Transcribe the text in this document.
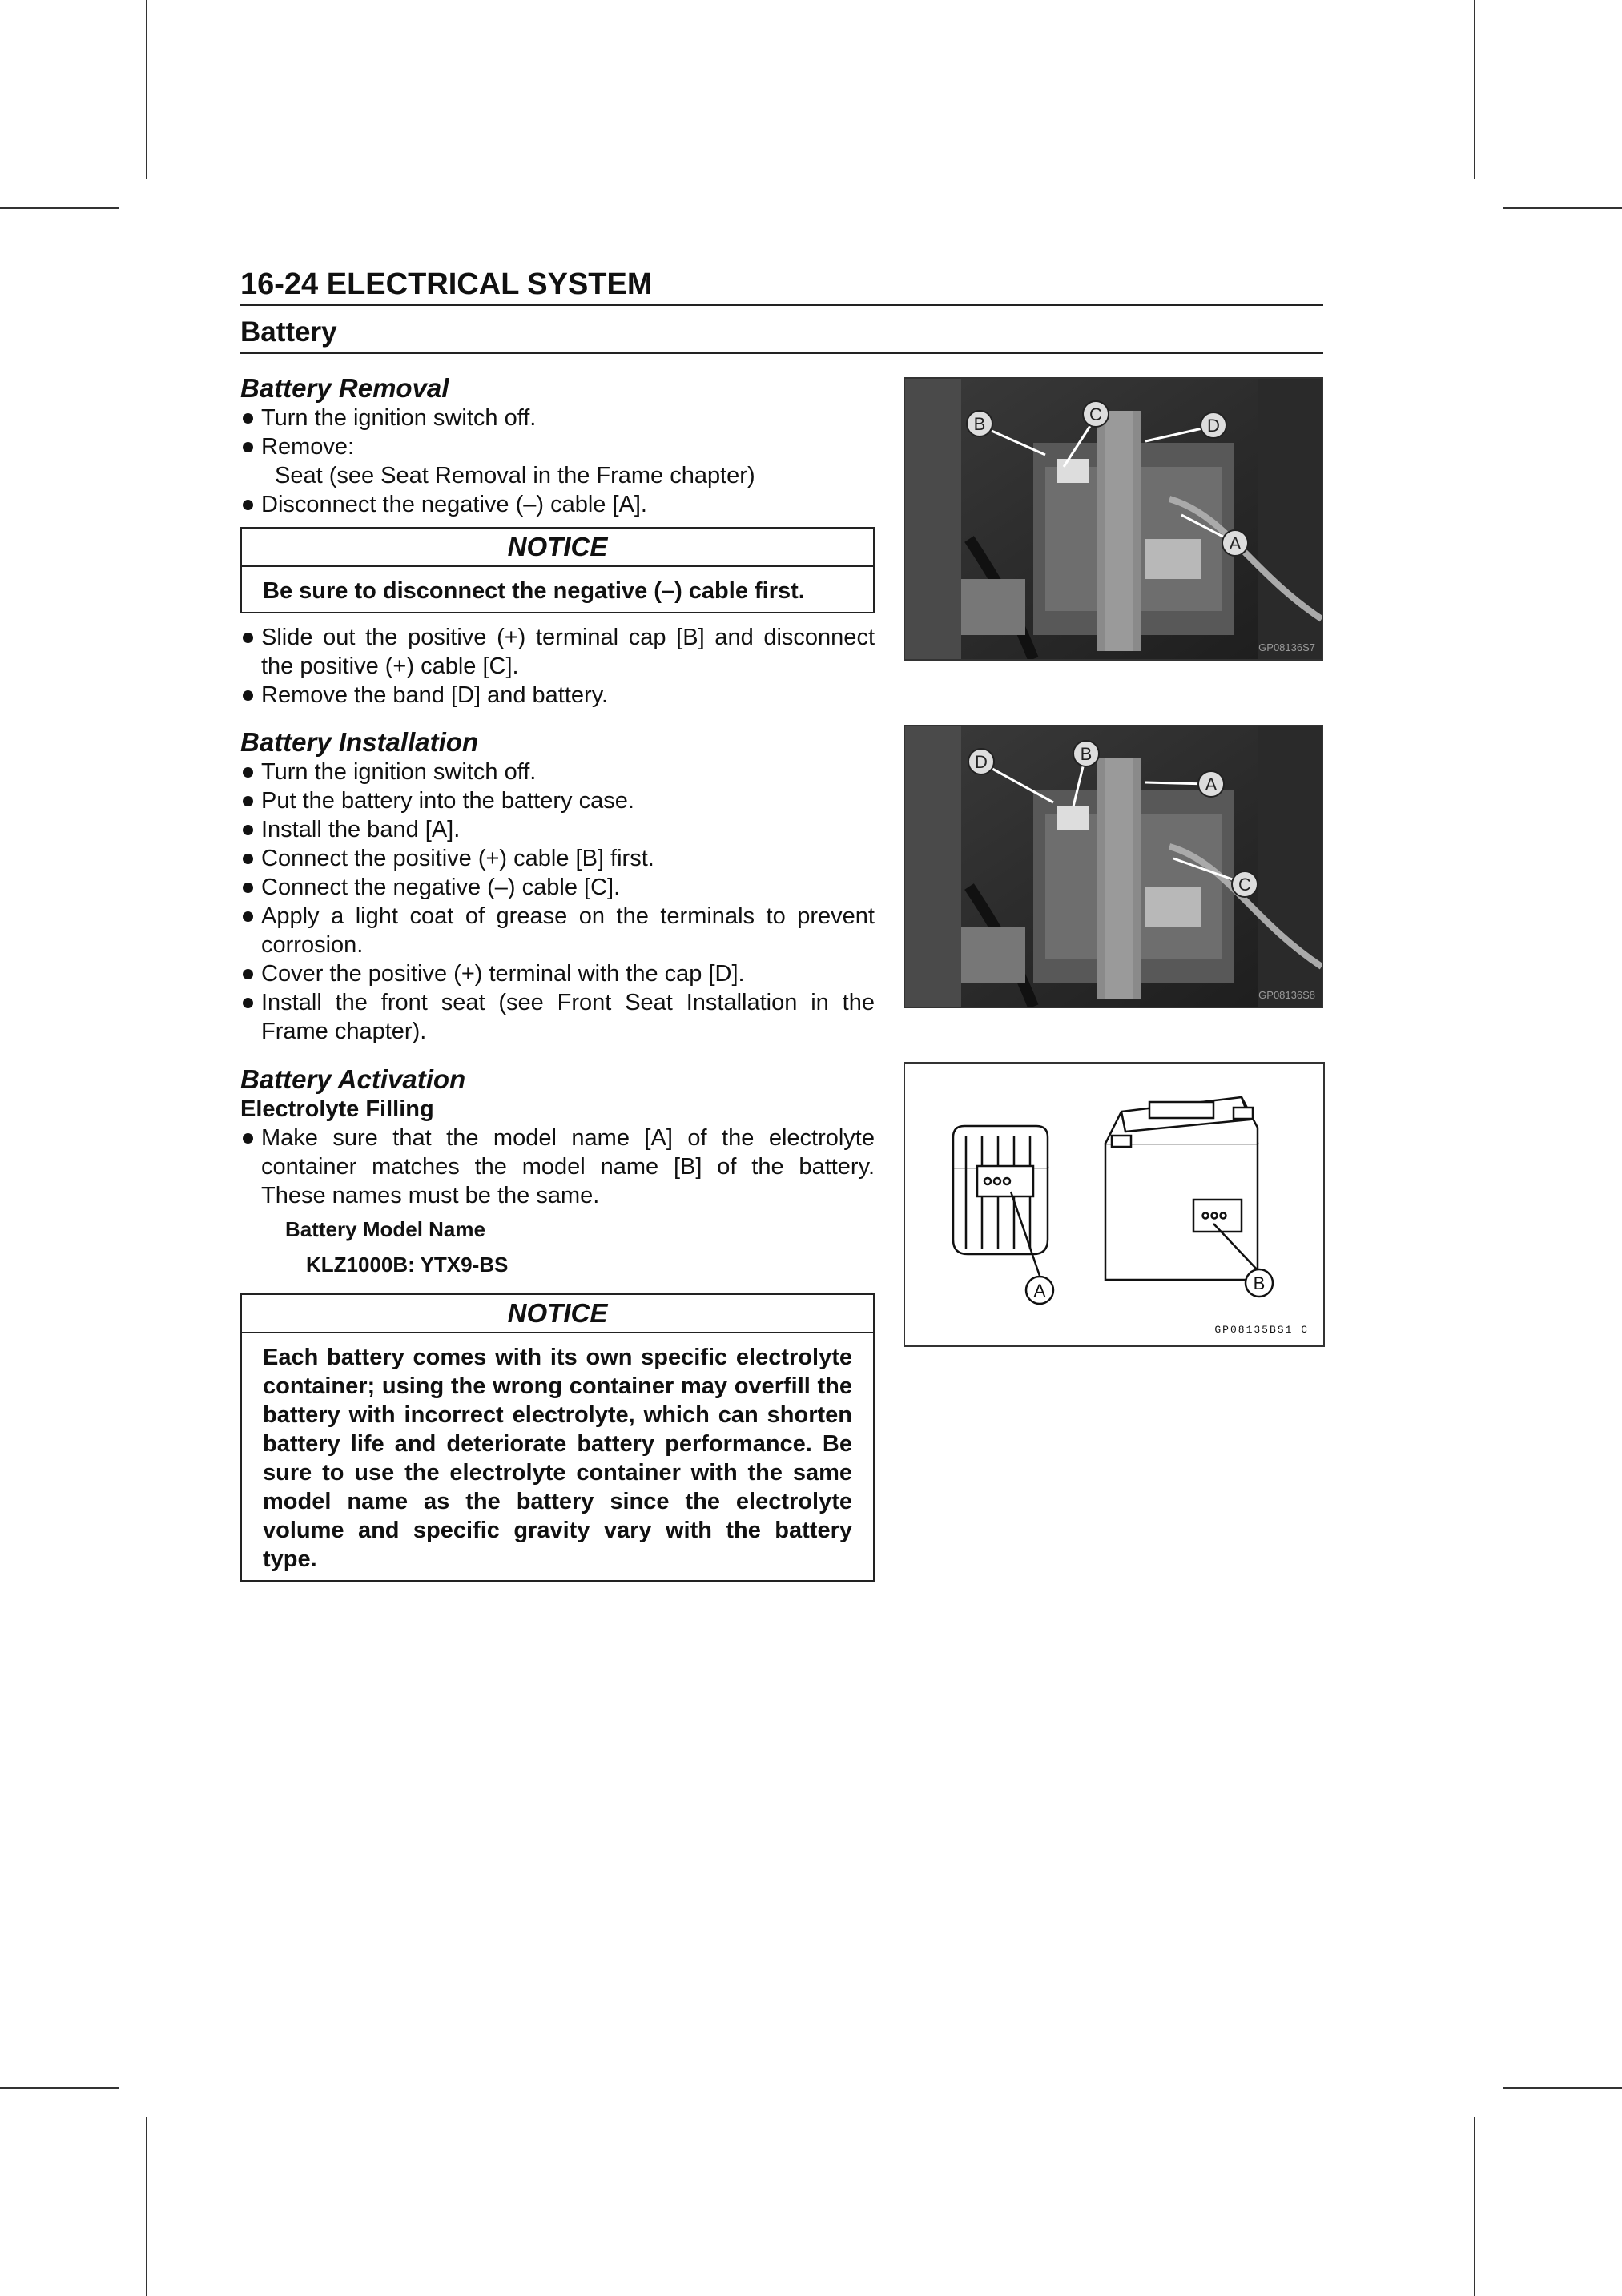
16-24 ELECTRICAL SYSTEM
Battery
Battery Removal
Turn the ignition switch off.
Remove:
Seat (see Seat Removal in the Frame chapter)
Disconnect the negative (–) cable [A].
NOTICE
Be sure to disconnect the negative (–) cable first.
Slide out the positive (+) terminal cap [B] and disconnect the positive (+) cable [C].
Remove the band [D] and battery.
Battery Installation
Turn the ignition switch off.
Put the battery into the battery case.
Install the band [A].
Connect the positive (+) cable [B] first.
Connect the negative (–) cable [C].
Apply a light coat of grease on the terminals to prevent corrosion.
Cover the positive (+) terminal with the cap [D].
Install the front seat (see Front Seat Installation in the Frame chapter).
Battery Activation
Electrolyte Filling
Make sure that the model name [A] of the electrolyte container matches the model name [B] of the battery. These names must be the same.
Battery Model Name
KLZ1000B: YTX9-BS
NOTICE
Each battery comes with its own specific electrolyte container; using the wrong container may overfill the battery with incorrect electrolyte, which can shorten battery life and deteriorate battery performance. Be sure to use the electrolyte container with the same model name as the battery since the electrolyte volume and specific gravity vary with the battery type.
B	C
D
A
GP08136S7
D	B
A
C
GP08136S8
A	B
GP08135BS1 C
